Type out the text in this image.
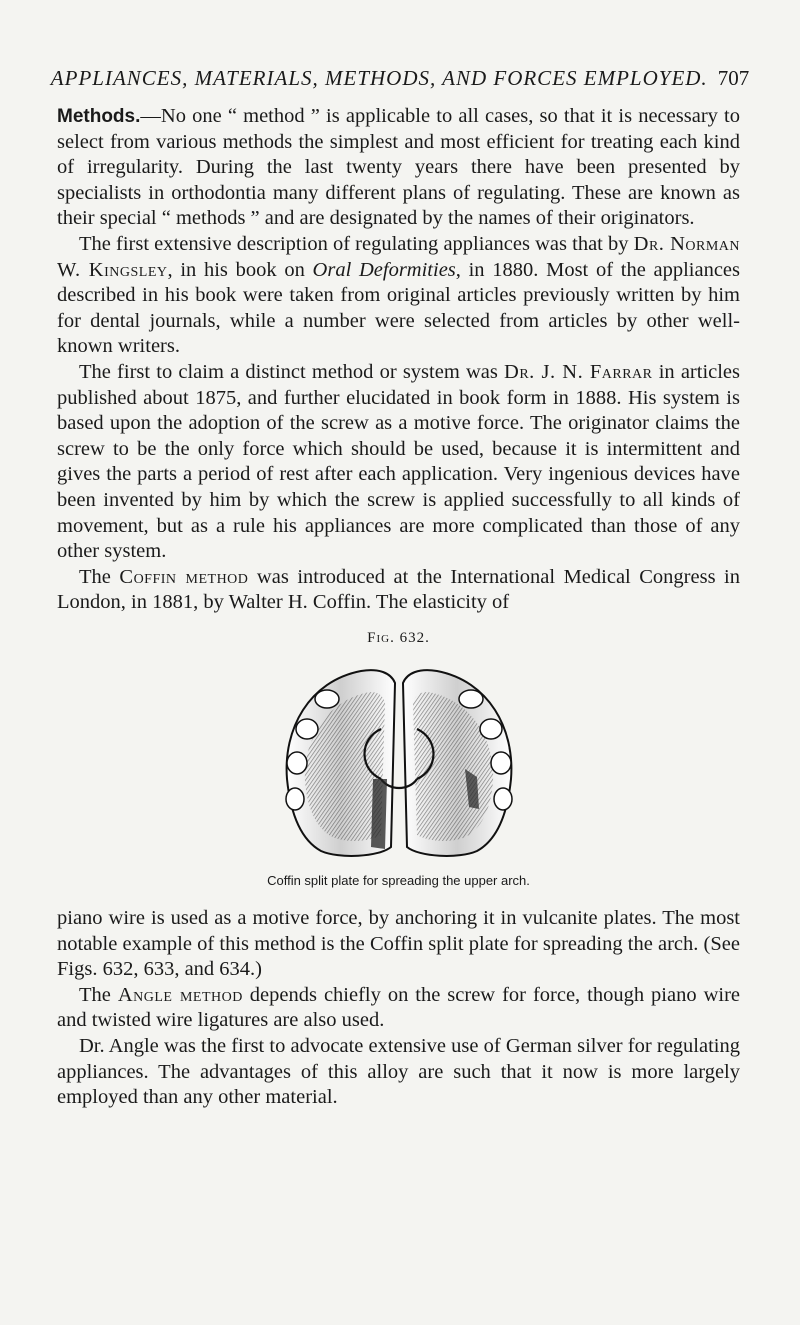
APPLIANCES, MATERIALS, METHODS, AND FORCES EMPLOYED. 707

Methods.—No one “ method ” is applicable to all cases, so that it is necessary to select from various methods the simplest and most efficient for treating each kind of irregularity. During the last twenty years there have been presented by specialists in orthodontia many different plans of regulating. These are known as their special “ methods ” and are designated by the names of their originators.

The first extensive description of regulating appliances was that by Dr. Norman W. Kingsley, in his book on Oral Deformities, in 1880. Most of the appliances described in his book were taken from original articles previously written by him for dental journals, while a number were selected from articles by other well-known writers.

The first to claim a distinct method or system was Dr. J. N. Farrar in articles published about 1875, and further elucidated in book form in 1888. His system is based upon the adoption of the screw as a motive force. The originator claims the screw to be the only force which should be used, because it is intermittent and gives the parts a period of rest after each application. Very ingenious devices have been invented by him by which the screw is applied successfully to all kinds of movement, but as a rule his appliances are more complicated than those of any other system.

The Coffin method was introduced at the International Medical Congress in London, in 1881, by Walter H. Coffin. The elasticity of

Fig. 632.
Coffin split plate for spreading the upper arch.

piano wire is used as a motive force, by anchoring it in vulcanite plates. The most notable example of this method is the Coffin split plate for spreading the arch. (See Figs. 632, 633, and 634.)

The Angle method depends chiefly on the screw for force, though piano wire and twisted wire ligatures are also used.

Dr. Angle was the first to advocate extensive use of German silver for regulating appliances. The advantages of this alloy are such that it now is more largely employed than any other material.
